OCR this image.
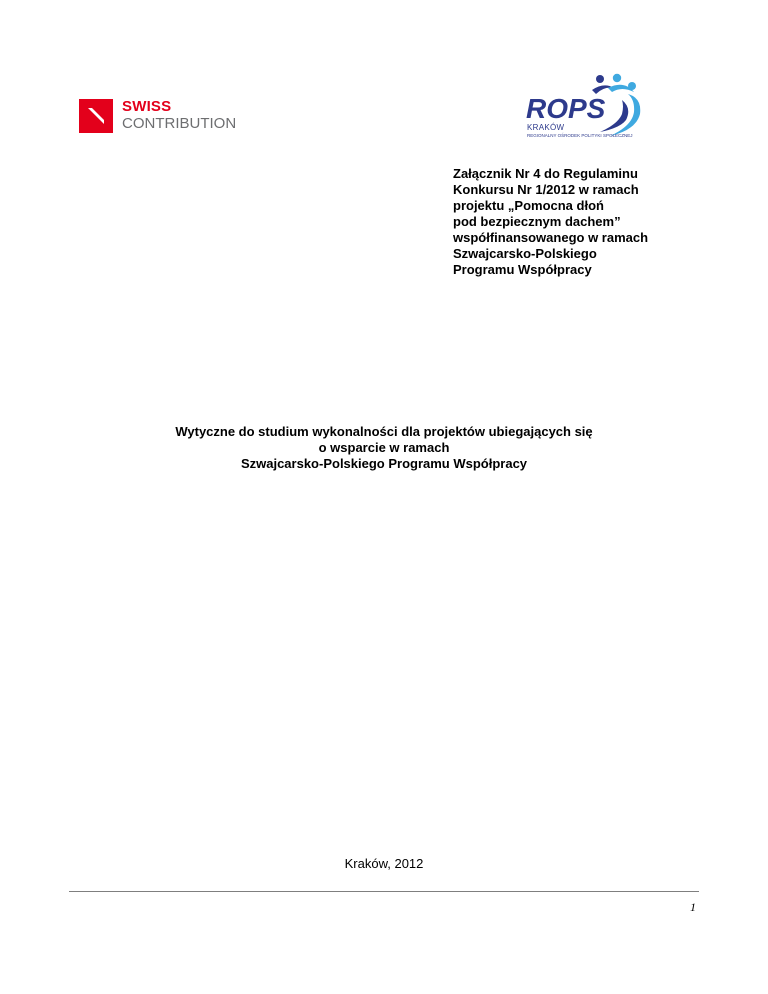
SWISS
CONTRIBUTION	ROPS
KRAKÓW
REGIONALNY OŚRODEK POLITYKI SPOŁECZNEJ
Załącznik Nr 4 do Regulaminu
Konkursu Nr 1/2012 w ramach
projektu „Pomocna dłoń
pod bezpiecznym dachem”
współfinansowanego w ramach
Szwajcarsko-Polskiego
Programu Współpracy
Wytyczne do studium wykonalności dla projektów ubiegających się
o wsparcie w ramach
Szwajcarsko-Polskiego Programu Współpracy
Kraków, 2012
1
